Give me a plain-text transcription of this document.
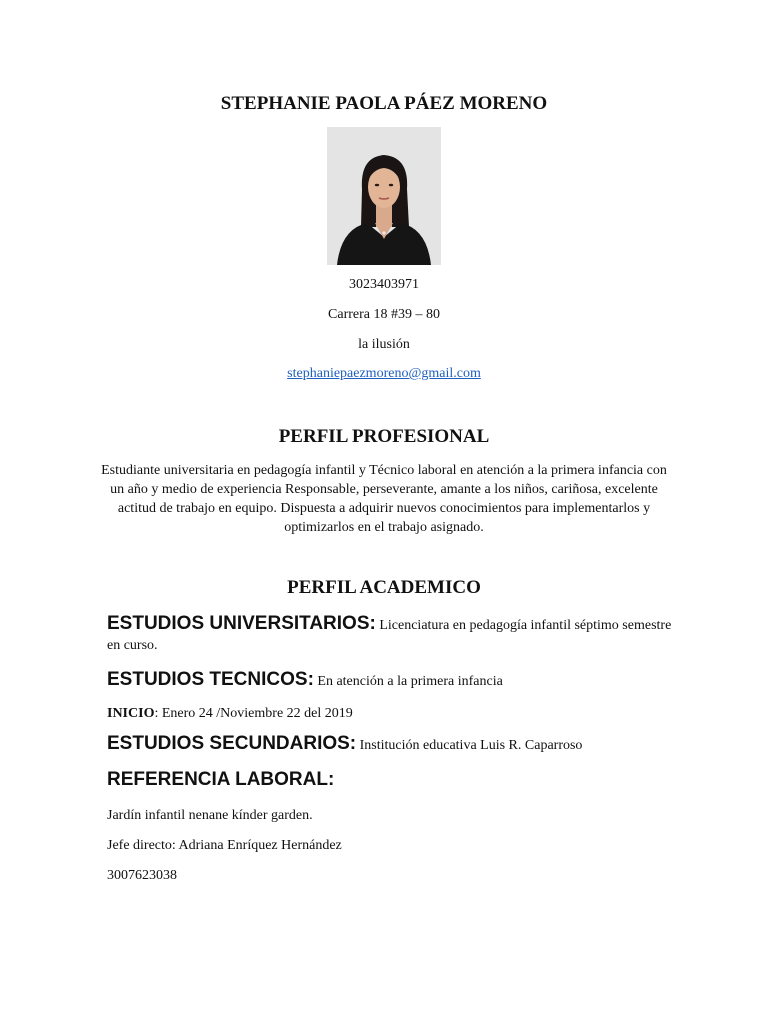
STEPHANIE PAOLA PÁEZ MORENO
3023403971
Carrera 18 #39 – 80
la ilusión
stephaniepaezmoreno@gmail.com
PERFIL PROFESIONAL
Estudiante universitaria en pedagogía infantil y Técnico laboral en atención a la primera infancia con un año y medio de experiencia Responsable, perseverante, amante a los niños, cariñosa, excelente actitud de trabajo en equipo. Dispuesta a adquirir nuevos conocimientos para implementarlos y optimizarlos en el trabajo asignado.
PERFIL ACADEMICO
ESTUDIOS UNIVERSITARIOS: Licenciatura en pedagogía infantil séptimo semestre en curso.
ESTUDIOS TECNICOS: En atención a la primera infancia
INICIO: Enero 24 /Noviembre 22 del 2019
ESTUDIOS SECUNDARIOS: Institución educativa Luis R. Caparroso
REFERENCIA LABORAL:
Jardín infantil nenane kínder garden.
Jefe directo: Adriana Enríquez Hernández
3007623038
